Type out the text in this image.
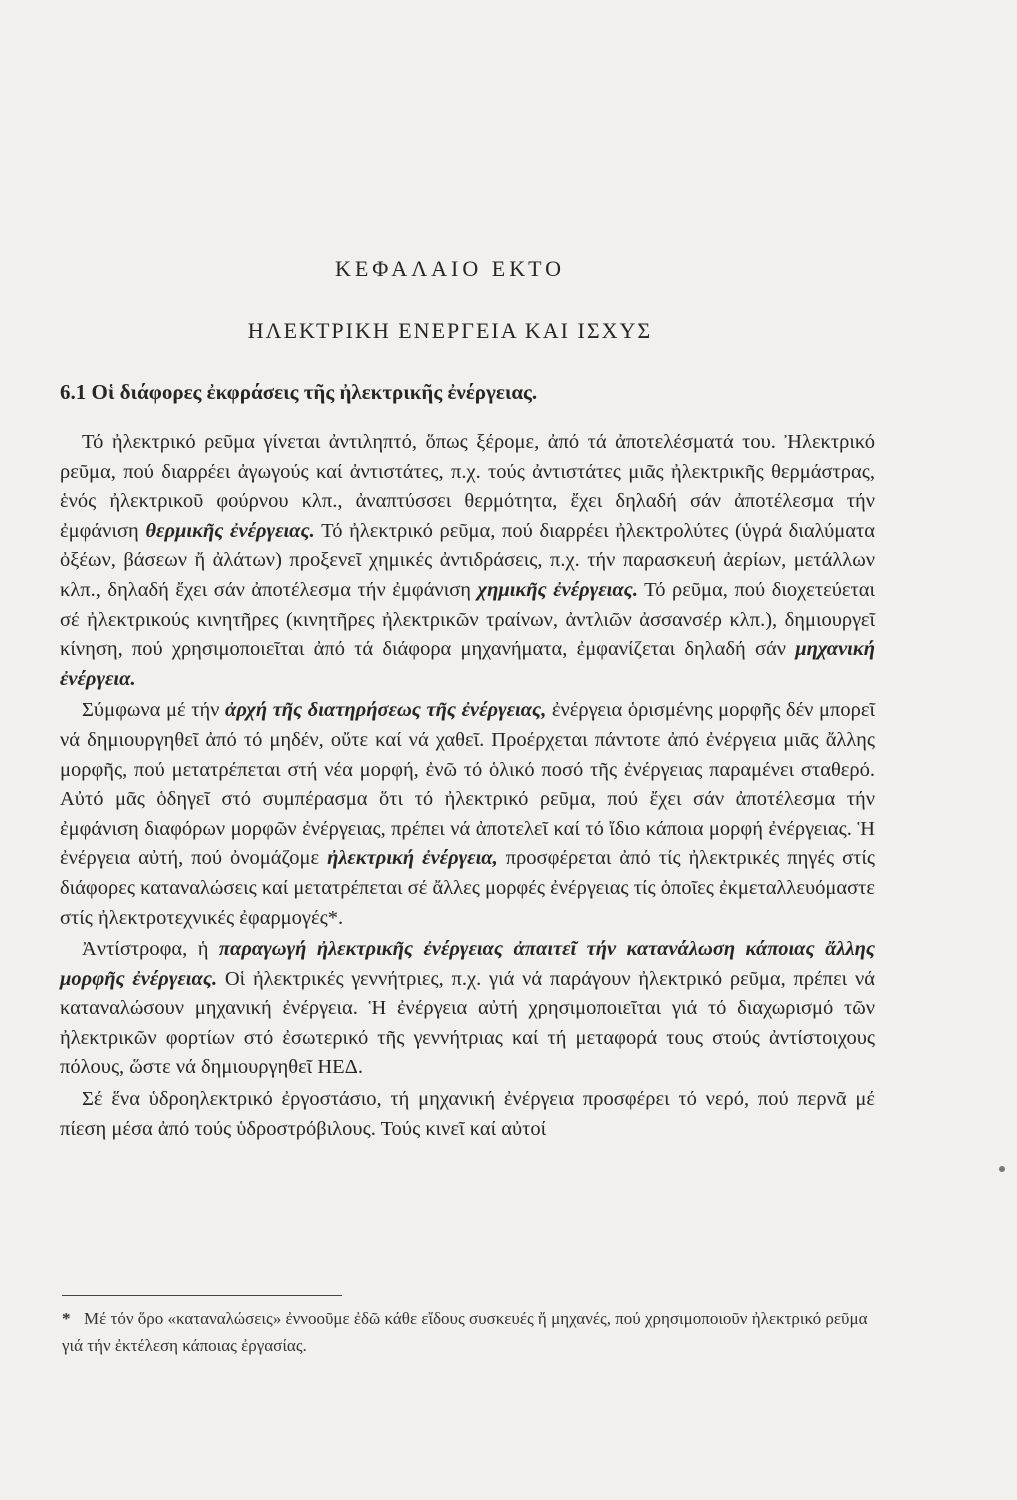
ΚΕΦΑΛΑΙΟ ΕΚΤΟ
ΗΛΕΚΤΡΙΚΗ ΕΝΕΡΓΕΙΑ ΚΑΙ ΙΣΧΥΣ
6.1 Οἱ διάφορες ἐκφράσεις τῆς ἠλεκτρικῆς ἐνέργειας.

Τό ἠλεκτρικό ρεῦμα γίνεται ἀντιληπτό, ὅπως ξέρομε, ἀπό τά ἀποτελέσματά του. Ἠλεκτρικό ρεῦμα, πού διαρρέει ἀγωγούς καί ἀντιστάτες, π.χ. τούς ἀντιστάτες μιᾶς ἠλεκτρικῆς θερμάστρας, ἑνός ἠλεκτρικοῦ φούρνου κλπ., ἀναπτύσσει θερμότητα, ἔχει δηλαδή σάν ἀποτέλεσμα τήν ἐμφάνιση θερμικῆς ἐνέργειας. Τό ἠλεκτρικό ρεῦμα, πού διαρρέει ἠλεκτρολύτες (ὑγρά διαλύματα ὀξέων, βάσεων ἤ ἀλάτων) προξενεῖ χημικές ἀντιδράσεις, π.χ. τήν παρασκευή ἀερίων, μετάλλων κλπ., δηλαδή ἔχει σάν ἀποτέλεσμα τήν ἐμφάνιση χημικῆς ἐνέργειας. Τό ρεῦμα, πού διοχετεύεται σέ ἠλεκτρικούς κινητῆρες (κινητῆρες ἠλεκτρικῶν τραίνων, ἀντλιῶν ἀσσανσέρ κλπ.), δημιουργεῖ κίνηση, πού χρησιμοποιεῖται ἀπό τά διάφορα μηχανήματα, ἐμφανίζεται δηλαδή σάν μηχανική ἐνέργεια.

Σύμφωνα μέ τήν ἀρχή τῆς διατηρήσεως τῆς ἐνέργειας, ἐνέργεια ὁρισμένης μορφῆς δέν μπορεῖ νά δημιουργηθεῖ ἀπό τό μηδέν, οὔτε καί νά χαθεῖ. Προέρχεται πάντοτε ἀπό ἐνέργεια μιᾶς ἄλλης μορφῆς, πού μετατρέπεται στή νέα μορφή, ἐνῶ τό ὁλικό ποσό τῆς ἐνέργειας παραμένει σταθερό. Αὐτό μᾶς ὁδηγεῖ στό συμπέρασμα ὅτι τό ἠλεκτρικό ρεῦμα, πού ἔχει σάν ἀποτέλεσμα τήν ἐμφάνιση διαφόρων μορφῶν ἐνέργειας, πρέπει νά ἀποτελεῖ καί τό ἴδιο κάποια μορφή ἐνέργειας. Ἡ ἐνέργεια αὐτή, πού ὀνομάζομε ἠλεκτρική ἐνέργεια, προσφέρεται ἀπό τίς ἠλεκτρικές πηγές στίς διάφορες καταναλώσεις καί μετατρέπεται σέ ἄλλες μορφές ἐνέργειας τίς ὁποῖες ἐκμεταλλευόμαστε στίς ἠλεκτροτεχνικές ἐφαρμογές*.

Ἀντίστροφα, ἡ παραγωγή ἠλεκτρικῆς ἐνέργειας ἀπαιτεῖ τήν κατανάλωση κάποιας ἄλλης μορφῆς ἐνέργειας. Οἱ ἠλεκτρικές γεννήτριες, π.χ. γιά νά παράγουν ἠλεκτρικό ρεῦμα, πρέπει νά καταναλώσουν μηχανική ἐνέργεια. Ἡ ἐνέργεια αὐτή χρησιμοποιεῖται γιά τό διαχωρισμό τῶν ἠλεκτρικῶν φορτίων στό ἐσωτερικό τῆς γεννήτριας καί τή μεταφορά τους στούς ἀντίστοιχους πόλους, ὥστε νά δημιουργηθεῖ ΗΕΔ.

Σέ ἕνα ὑδροηλεκτρικό ἐργοστάσιο, τή μηχανική ἐνέργεια προσφέρει τό νερό, πού περνᾶ μέ πίεση μέσα ἀπό τούς ὑδροστρόβιλους. Τούς κινεῖ καί αὐτοί

* Μέ τόν ὅρο «καταναλώσεις» ἐννοοῦμε ἐδῶ κάθε εἴδους συσκευές ἤ μηχανές, πού χρησιμοποιοῦν ἠλεκτρικό ρεῦμα γιά τήν ἐκτέλεση κάποιας ἐργασίας.
